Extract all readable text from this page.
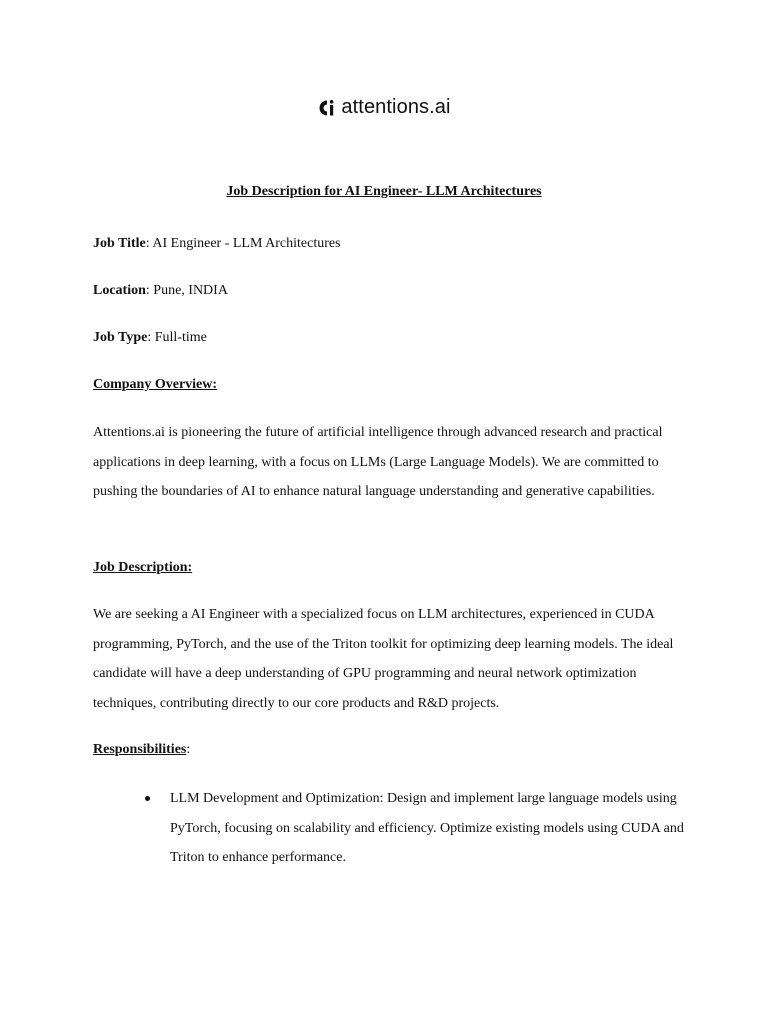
attentions.ai
Job Description for AI Engineer- LLM Architectures
Job Title: AI Engineer - LLM Architectures
Location: Pune, INDIA
Job Type: Full-time
Company Overview:

Attentions.ai is pioneering the future of artificial intelligence through advanced research and practical applications in deep learning, with a focus on LLMs (Large Language Models). We are committed to pushing the boundaries of AI to enhance natural language understanding and generative capabilities.

Job Description:

We are seeking a AI Engineer with a specialized focus on LLM architectures, experienced in CUDA programming, PyTorch, and the use of the Triton toolkit for optimizing deep learning models. The ideal candidate will have a deep understanding of GPU programming and neural network optimization techniques, contributing directly to our core products and R&D projects.

Responsibilities:
LLM Development and Optimization: Design and implement large language models using PyTorch, focusing on scalability and efficiency. Optimize existing models using CUDA and Triton to enhance performance.
